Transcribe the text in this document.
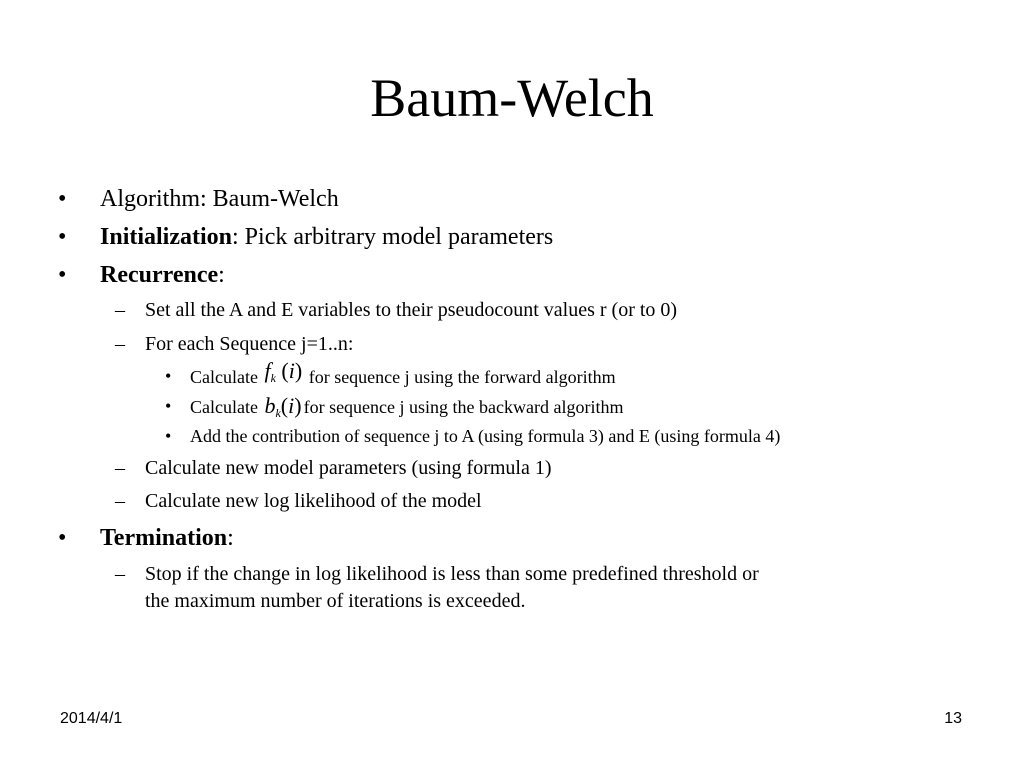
Baum-Welch
• Algorithm: Baum-Welch
• Initialization: Pick arbitrary model parameters
• Recurrence:
– Set all the A and E variables to their pseudocount values r (or to 0)
– For each Sequence j=1..n:
• Calculate $f_k$ (i) for sequence j using the forward algorithm
• Calculate $b_k(i)$ for sequence j using the backward algorithm
• Add the contribution of sequence j to A (using formula 3) and E (using formula 4)
– Calculate new model parameters (using formula 1)
– Calculate new log likelihood of the model
• Termination:
– Stop if the change in log likelihood is less than some predefined threshold or
the maximum number of iterations is exceeded.
2014/4/1	13
